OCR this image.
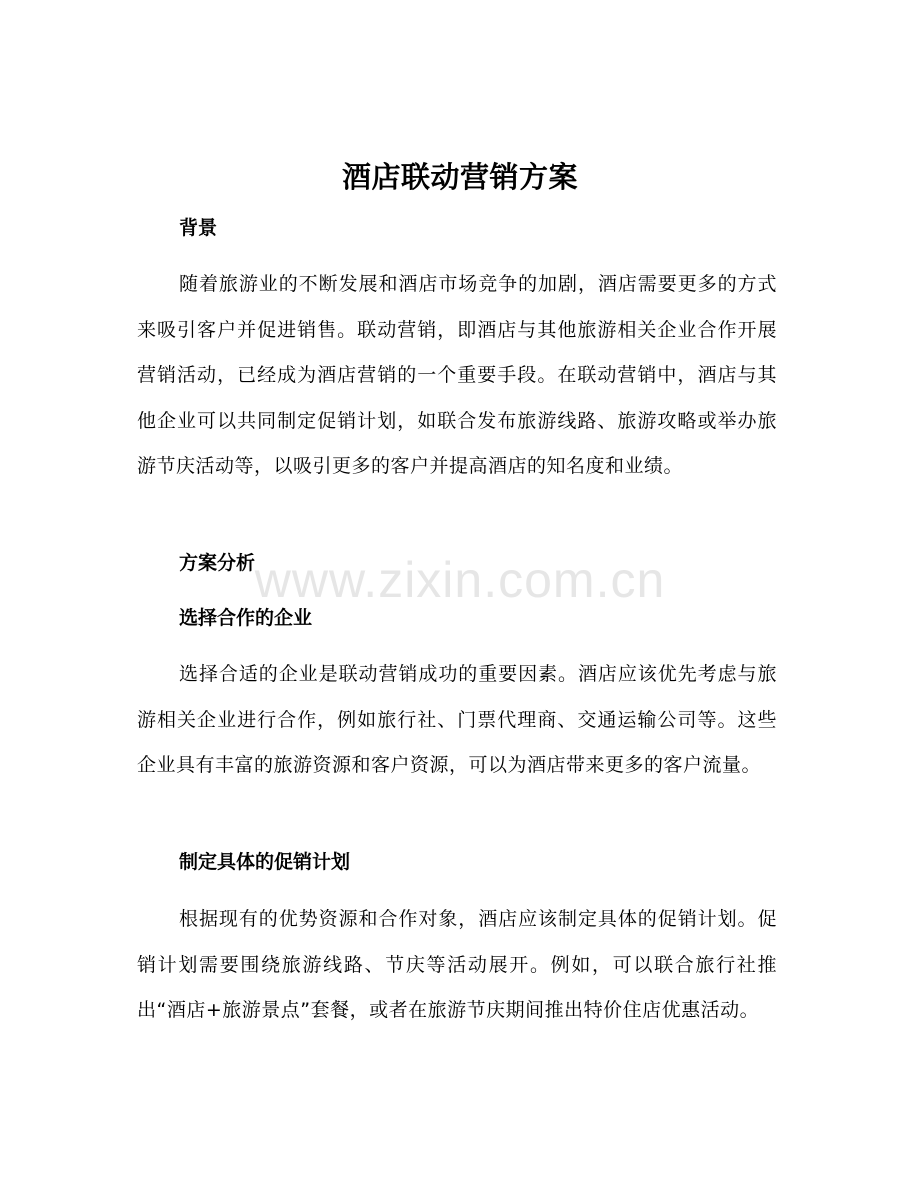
www.zixin.com.cn
酒店联动营销方案
背景

随着旅游业的不断发展和酒店市场竞争的加剧，酒店需要更多的方式来吸引客户并促进销售。联动营销，即酒店与其他旅游相关企业合作开展营销活动，已经成为酒店营销的一个重要手段。在联动营销中，酒店与其他企业可以共同制定促销计划，如联合发布旅游线路、旅游攻略或举办旅游节庆活动等，以吸引更多的客户并提高酒店的知名度和业绩。

方案分析
选择合作的企业

选择合适的企业是联动营销成功的重要因素。酒店应该优先考虑与旅游相关企业进行合作，例如旅行社、门票代理商、交通运输公司等。这些企业具有丰富的旅游资源和客户资源，可以为酒店带来更多的客户流量。

制定具体的促销计划

根据现有的优势资源和合作对象，酒店应该制定具体的促销计划。促销计划需要围绕旅游线路、节庆等活动展开。例如，可以联合旅行社推出“酒店+旅游景点”套餐，或者在旅游节庆期间推出特价住店优惠活动。
